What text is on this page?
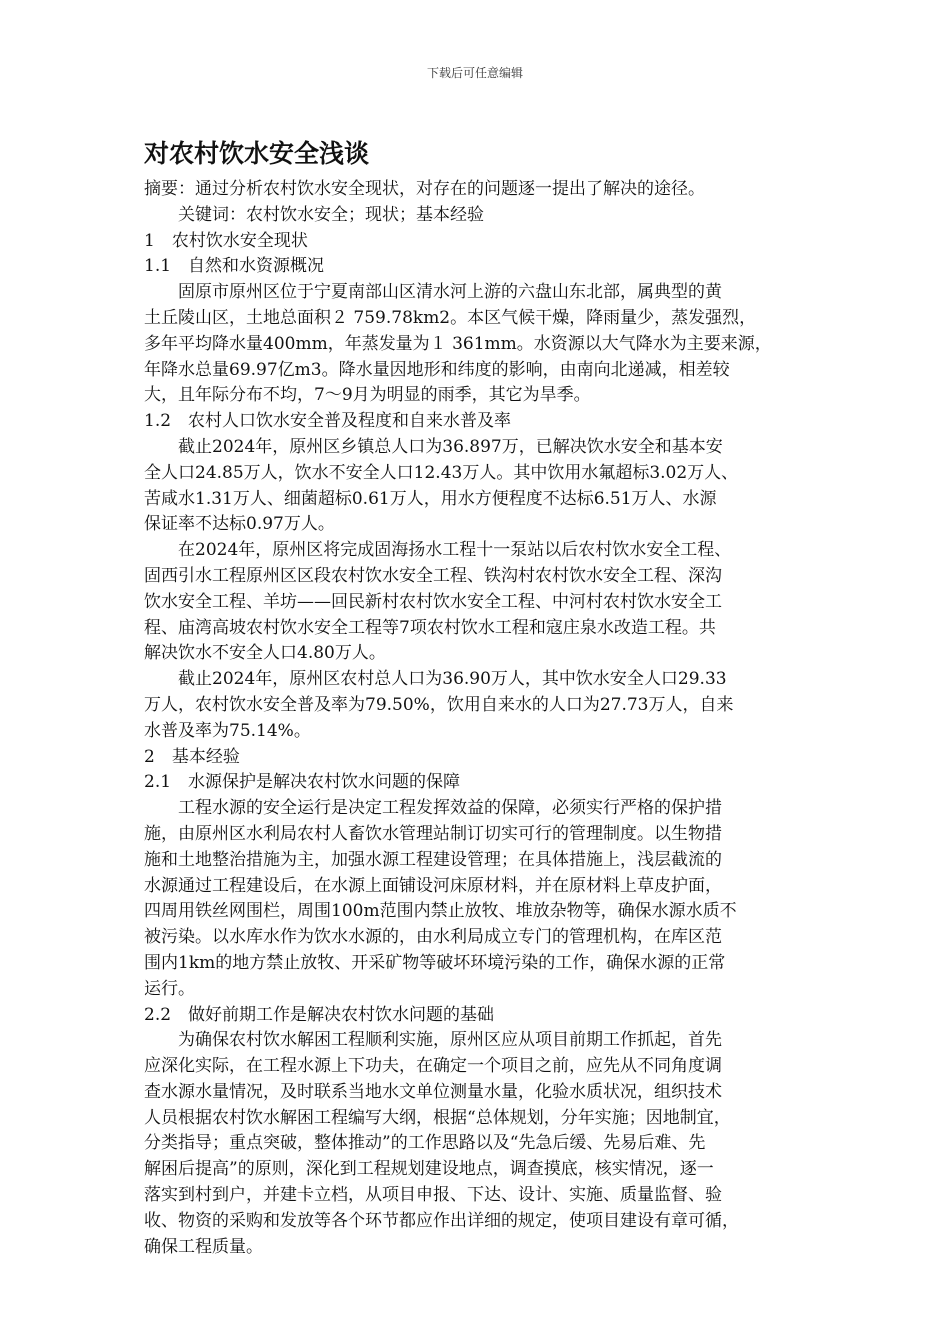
下载后可任意编辑
对农村饮水安全浅谈
摘要：通过分析农村饮水安全现状，对存在的问题逐一提出了解决的途径。
关键词：农村饮水安全；现状；基本经验
1　农村饮水安全现状
1.1　自然和水资源概况
固原市原州区位于宁夏南部山区清水河上游的六盘山东北部，属典型的黄
土丘陵山区，土地总面积２ 759.78km2。本区气候干燥，降雨量少，蒸发强烈，
多年平均降水量400mm，年蒸发量为１ 361mm。水资源以大气降水为主要来源，
年降水总量69.97亿m3。降水量因地形和纬度的影响，由南向北递减，相差较
大，且年际分布不均，7～9月为明显的雨季，其它为旱季。
1.2　农村人口饮水安全普及程度和自来水普及率
截止2024年，原州区乡镇总人口为36.897万，已解决饮水安全和基本安
全人口24.85万人，饮水不安全人口12.43万人。其中饮用水氟超标3.02万人、
苦咸水1.31万人、细菌超标0.61万人，用水方便程度不达标6.51万人、水源
保证率不达标0.97万人。
在2024年，原州区将完成固海扬水工程十一泵站以后农村饮水安全工程、
固西引水工程原州区区段农村饮水安全工程、铁沟村农村饮水安全工程、深沟
饮水安全工程、羊坊——回民新村农村饮水安全工程、中河村农村饮水安全工
程、庙湾高坡农村饮水安全工程等7项农村饮水工程和寇庄泉水改造工程。共
解决饮水不安全人口4.80万人。
截止2024年，原州区农村总人口为36.90万人，其中饮水安全人口29.33
万人，农村饮水安全普及率为79.50%，饮用自来水的人口为27.73万人，自来
水普及率为75.14%。
2　基本经验
2.1　水源保护是解决农村饮水问题的保障
工程水源的安全运行是决定工程发挥效益的保障，必须实行严格的保护措
施，由原州区水利局农村人畜饮水管理站制订切实可行的管理制度。以生物措
施和土地整治措施为主，加强水源工程建设管理；在具体措施上，浅层截流的
水源通过工程建设后，在水源上面铺设河床原材料，并在原材料上草皮护面，
四周用铁丝网围栏，周围100m范围内禁止放牧、堆放杂物等，确保水源水质不
被污染。以水库水作为饮水水源的，由水利局成立专门的管理机构，在库区范
围内1km的地方禁止放牧、开采矿物等破坏环境污染的工作，确保水源的正常
运行。
2.2　做好前期工作是解决农村饮水问题的基础
为确保农村饮水解困工程顺利实施，原州区应从项目前期工作抓起，首先
应深化实际，在工程水源上下功夫，在确定一个项目之前，应先从不同角度调
查水源水量情况，及时联系当地水文单位测量水量，化验水质状况，组织技术
人员根据农村饮水解困工程编写大纲，根据“总体规划，分年实施；因地制宜，
分类指导；重点突破，整体推动”的工作思路以及“先急后缓、先易后难、先
解困后提高”的原则，深化到工程规划建设地点，调查摸底，核实情况，逐一
落实到村到户，并建卡立档，从项目申报、下达、设计、实施、质量监督、验
收、物资的采购和发放等各个环节都应作出详细的规定，使项目建设有章可循，
确保工程质量。
